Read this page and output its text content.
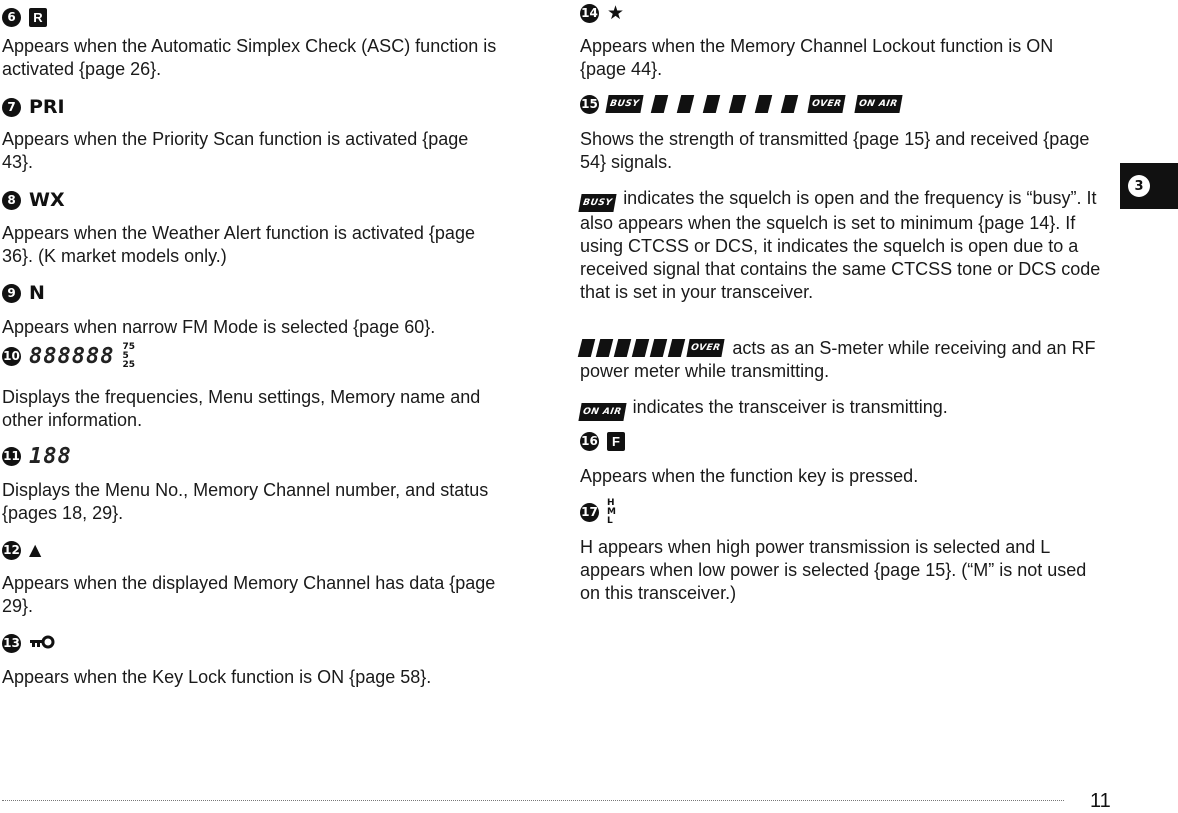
6	R

Appears when the Automatic Simplex Check (ASC) function is activated {page 26}.

7 PRI

Appears when the Priority Scan function is activated {page 43}.

8 WX

Appears when the Weather Alert function is activated {page 36}. (K market models only.)

9 N

Appears when narrow FM Mode is selected {page 60}.

10 888888 75
5
25

Displays the frequencies, Menu settings, Memory name and other information.

11 188

Displays the Menu No., Memory Channel number, and status {pages 18, 29}.

12 ▲

Appears when the displayed Memory Channel has data {page 29}.

13

Appears when the Key Lock function is ON {page 58}.

14 ★

Appears when the Memory Channel Lockout function is ON {page 44}.

15	BUSY	OVER	ON AIR

Shows the strength of transmitted {page 15} and received {page 54} signals.

BUSY indicates the squelch is open and the frequency is “busy”. It also appears when the squelch is set to minimum {page 14}. If using CTCSS or DCS, it indicates the squelch is open due to a received signal that contains the same CTCSS tone or DCS code that is set in your transceiver.

OVER acts as an S-meter while receiving and an RF power meter while transmitting.

ON AIR indicates the transceiver is transmitting.

16	F

Appears when the function key is pressed.

17
H
M
L

H appears when high power transmission is selected and L appears when low power is selected {page 15}. (“M” is not used on this transceiver.)

3
11
